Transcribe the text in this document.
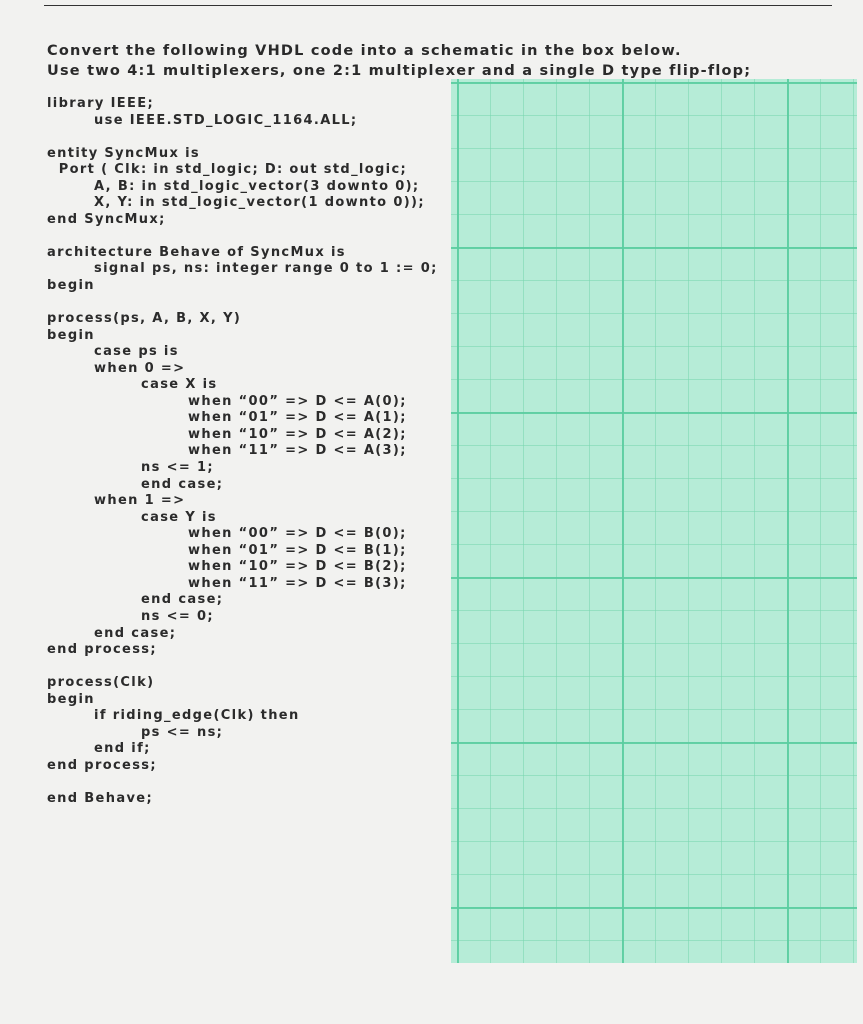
Convert the following VHDL code into a schematic in the box below.
Use two 4:1 multiplexers, one 2:1 multiplexer and a single D type flip-flop;
library IEEE;
use IEEE.STD_LOGIC_1164.ALL;

entity SyncMux is
Port ( Clk: in std_logic; D: out std_logic;
A, B: in std_logic_vector(3 downto 0);
X, Y: in std_logic_vector(1 downto 0));
end SyncMux;

architecture Behave of SyncMux is
signal ps, ns: integer range 0 to 1 := 0;
begin

process(ps, A, B, X, Y)
begin
case ps is
when 0 =>
case X is
when “00” => D <= A(0);
when “01” => D <= A(1);
when “10” => D <= A(2);
when “11” => D <= A(3);
ns <= 1;
end case;
when 1 =>
case Y is
when “00” => D <= B(0);
when “01” => D <= B(1);
when “10” => D <= B(2);
when “11” => D <= B(3);
end case;
ns <= 0;
end case;
end process;

process(Clk)
begin
if riding_edge(Clk) then
ps <= ns;
end if;
end process;

end Behave;
